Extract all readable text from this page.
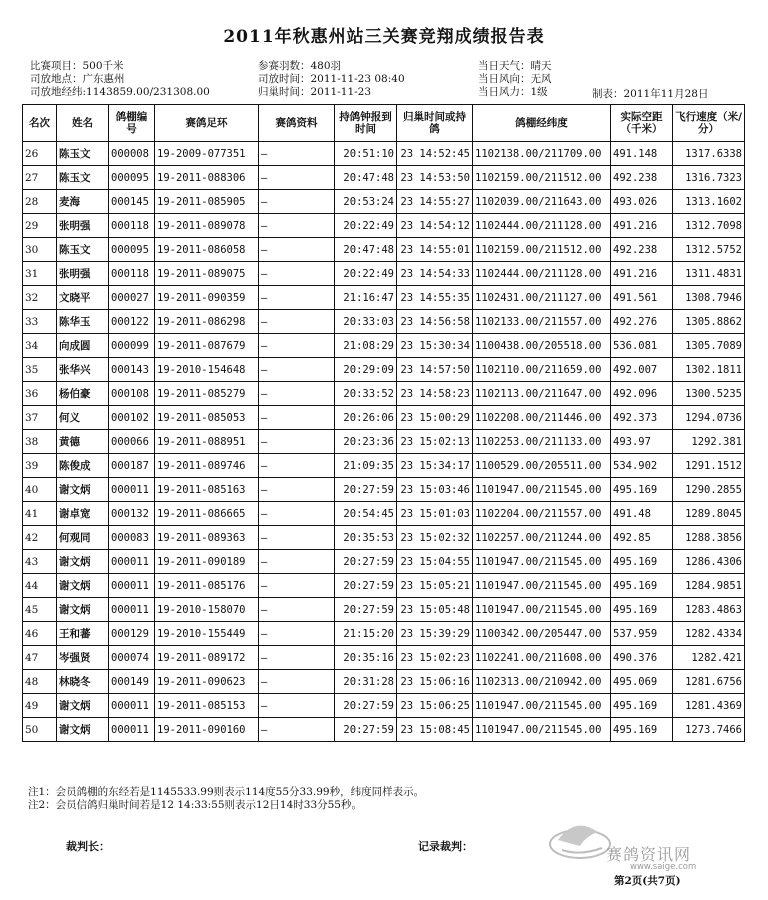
2011年秋惠州站三关赛竞翔成绩报告表
比赛项目：500千米
司放地点：广东惠州
司放地经纬:1143859.00/231308.00
参赛羽数：480羽
司放时间：2011-11-23 08:40
归巢时间：2011-11-23
当日天气：晴天
当日风向：无风
当日风力：1级	制表：2011年11月28日
名次	姓名	鸽棚编号	赛鸽足环	赛鸽资料	持鸽钟报到时间	归巢时间或持鸽	鸽棚经纬度	实际空距（千米）	飞行速度（米/分）
26	陈玉文	000008	19-2009-077351	—	20:51:10	23 14:52:45	1102138.00/211709.00	491.148	1317.6338
27	陈玉文	000095	19-2011-088306	—	20:47:48	23 14:53:50	1102159.00/211512.00	492.238	1316.7323
28	麦海	000145	19-2011-085905	—	20:53:24	23 14:55:27	1102039.00/211643.00	493.026	1313.1602
29	张明强	000118	19-2011-089078	—	20:22:49	23 14:54:12	1102444.00/211128.00	491.216	1312.7098
30	陈玉文	000095	19-2011-086058	—	20:47:48	23 14:55:01	1102159.00/211512.00	492.238	1312.5752
31	张明强	000118	19-2011-089075	—	20:22:49	23 14:54:33	1102444.00/211128.00	491.216	1311.4831
32	文晓平	000027	19-2011-090359	—	21:16:47	23 14:55:35	1102431.00/211127.00	491.561	1308.7946
33	陈华玉	000122	19-2011-086298	—	20:33:03	23 14:56:58	1102133.00/211557.00	492.276	1305.8862
34	向成圆	000099	19-2011-087679	—	21:08:29	23 15:30:34	1100438.00/205518.00	536.081	1305.7089
35	张华兴	000143	19-2010-154648	—	20:29:09	23 14:57:50	1102110.00/211659.00	492.007	1302.1811
36	杨伯豪	000108	19-2011-085279	—	20:33:52	23 14:58:23	1102113.00/211647.00	492.096	1300.5235
37	何义	000102	19-2011-085053	—	20:26:06	23 15:00:29	1102208.00/211446.00	492.373	1294.0736
38	黄德	000066	19-2011-088951	—	20:23:36	23 15:02:13	1102253.00/211133.00	493.97	1292.381
39	陈俊成	000187	19-2011-089746	—	21:09:35	23 15:34:17	1100529.00/205511.00	534.902	1291.1512
40	谢文炳	000011	19-2011-085163	—	20:27:59	23 15:03:46	1101947.00/211545.00	495.169	1290.2855
41	谢卓宽	000132	19-2011-086665	—	20:54:45	23 15:01:03	1102204.00/211557.00	491.48	1289.8045
42	何观同	000083	19-2011-089363	—	20:35:53	23 15:02:32	1102257.00/211244.00	492.85	1288.3856
43	谢文炳	000011	19-2011-090189	—	20:27:59	23 15:04:55	1101947.00/211545.00	495.169	1286.4306
44	谢文炳	000011	19-2011-085176	—	20:27:59	23 15:05:21	1101947.00/211545.00	495.169	1284.9851
45	谢文炳	000011	19-2010-158070	—	20:27:59	23 15:05:48	1101947.00/211545.00	495.169	1283.4863
46	王和蕃	000129	19-2010-155449	—	21:15:20	23 15:39:29	1100342.00/205447.00	537.959	1282.4334
47	岑强贤	000074	19-2011-089172	—	20:35:16	23 15:02:23	1102241.00/211608.00	490.376	1282.421
48	林晓冬	000149	19-2011-090623	—	20:31:28	23 15:06:16	1102313.00/210942.00	495.069	1281.6756
49	谢文炳	000011	19-2011-085153	—	20:27:59	23 15:06:25	1101947.00/211545.00	495.169	1281.4369
50	谢文炳	000011	19-2011-090160	—	20:27:59	23 15:08:45	1101947.00/211545.00	495.169	1273.7466
注1：会员鸽棚的东经若是1145533.99则表示114度55分33.99秒，纬度同样表示。
注2：会员信鸽归巢时间若是12 14:33:55则表示12日14时33分55秒。
裁判长：	记录裁判：	赛鸽资讯网
www.saige.com
第2页(共7页)
